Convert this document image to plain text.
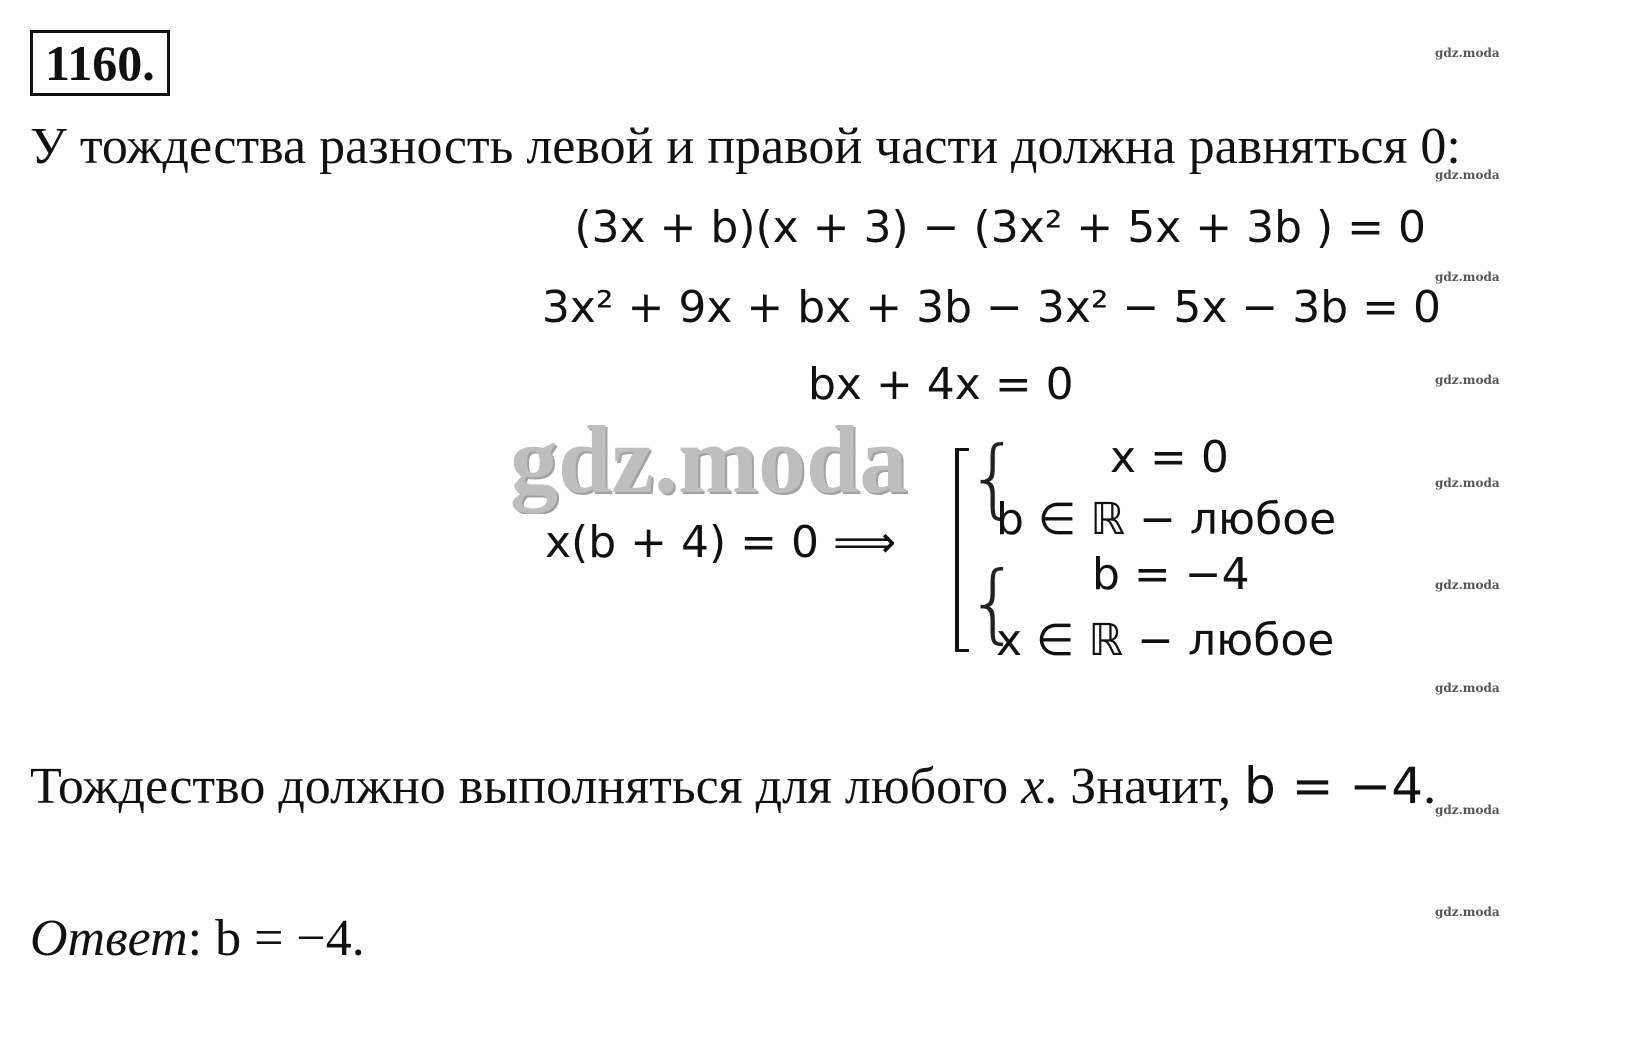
1160.
У тождества разность левой и правой части должна равняться 0:
(3x + b)(x + 3) − (3x² + 5x + 3b ) = 0
3x² + 9x + bx + 3b − 3x² − 5x − 3b = 0
bx + 4x = 0
gdz.moda
x(b + 4) = 0 ⟹
{
{
x = 0
b ∈ ℝ − любое
b = −4
x ∈ ℝ − любое
Тождество должно выполняться для любого x. Значит, b = −4.
Ответ: b = −4.
gdz.moda
gdz.moda
gdz.moda
gdz.moda
gdz.moda
gdz.moda
gdz.moda
gdz.moda
gdz.moda
